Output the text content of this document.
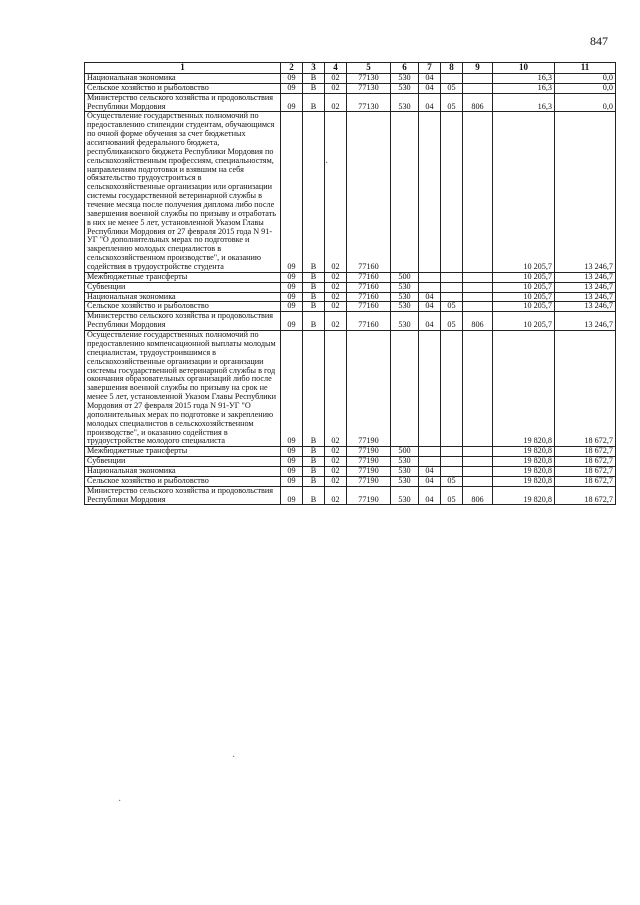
847
1	2	3	4	5	6	7	8	9	10	11
Национальная экономика	09	В	02	77130	530	04			16,3	0,0
Сельское хозяйство и рыболовство	09	В	02	77130	530	04	05		16,3	0,0
Министерство сельского хозяйства и продовольствия Республики Мордовия	09	В	02	77130	530	04	05	806	16,3	0,0
Осуществление государственных полномочий по предоставлению стипендии студентам, обучающимся по очной форме обучения за счет бюджетных ассигнований федерального бюджета, республиканского бюджета Республики Мордовия по сельскохозяйственным профессиям, специальностям, направлениям подготовки и взявшим на себя обязательство трудоустроиться в сельскохозяйственные организации или организации системы государственной ветеринарной службы в течение месяца после получения диплома либо после завершения военной службы по призыву и отработать в них не менее 5 лет, установленной Указом Главы Республики Мордовия от 27 февраля 2015 года N 91-УГ "О дополнительных мерах по подготовке и закреплению молодых специалистов в сельскохозяйственном производстве", и оказанию содействия в трудоустройстве студента	09	В	02	77160					10 205,7	13 246,7
Межбюджетные трансферты	09	В	02	77160	500				10 205,7	13 246,7
Субвенции	09	В	02	77160	530				10 205,7	13 246,7
Национальная экономика	09	В	02	77160	530	04			10 205,7	13 246,7
Сельское хозяйство и рыболовство	09	В	02	77160	530	04	05		10 205,7	13 246,7
Министерство сельского хозяйства и продовольствия Республики Мордовия	09	В	02	77160	530	04	05	806	10 205,7	13 246,7
Осуществление государственных полномочий по предоставлению компенсационной выплаты молодым специалистам, трудоустроившимся в сельскохозяйственные организации и организации системы государственной ветеринарной службы в год окончания образовательных организаций либо после завершения военной службы по призыву на срок не менее 5 лет, установленной Указом Главы Республики Мордовия от 27 февраля 2015 года N 91-УГ "О дополнительных мерах по подготовке и закреплению молодых специалистов в сельскохозяйственном производстве", и оказанию содействия в трудоустройстве молодого специалиста	09	В	02	77190					19 820,8	18 672,7
Межбюджетные трансферты	09	В	02	77190	500				19 820,8	18 672,7
Субвенции	09	В	02	77190	530				19 820,8	18 672,7
Национальная экономика	09	В	02	77190	530	04			19 820,8	18 672,7
Сельское хозяйство и рыболовство	09	В	02	77190	530	04	05		19 820,8	18 672,7
Министерство сельского хозяйства и продовольствия Республики Мордовия	09	В	02	77190	530	04	05	806	19 820,8	18 672,7
·
·
·
